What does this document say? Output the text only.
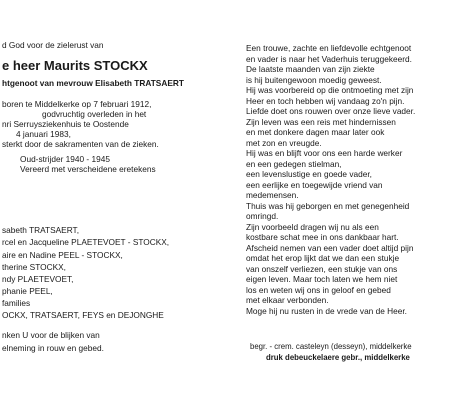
d God voor de zielerust van
e heer Maurits STOCKX
htgenoot van mevrouw Elisabeth TRATSAERT
boren te Middelkerke op 7 februari 1912,
godvruchtig overleden in het
nri Serruysziekenhuis te Oostende
4 januari 1983,
sterkt door de sakramenten van de zieken.
Oud-strijder 1940 - 1945
Vereerd met verscheidene eretekens
sabeth TRATSAERT,
rcel en Jacqueline PLAETEVOET - STOCKX,
aire en Nadine PEEL - STOCKX,
therine STOCKX,
ndy PLAETEVOET,
phanie PEEL,
families
OCKX, TRATSAERT, FEYS en DEJONGHE
nken U voor de blijken van
elneming in rouw en gebed.
Een trouwe, zachte en liefdevolle echtgenoot
en vader is naar het Vaderhuis teruggekeerd.
De laatste maanden van zijn ziekte
is hij buitengewoon moedig geweest.
Hij was voorbereid op die ontmoeting met zijn
Heer en toch hebben wij vandaag zo'n pijn.
Liefde doet ons rouwen over onze lieve vader.
Zijn leven was een reis met hindernissen
en met donkere dagen maar later ook
met zon en vreugde.
Hij was en blijft voor ons een harde werker
en een gedegen stielman,
een levenslustige en goede vader,
een eerlijke en toegewijde vriend van
medemensen.
Thuis was hij geborgen en met genegenheid
omringd.
Zijn voorbeeld dragen wij nu als een
kostbare schat mee in ons dankbaar hart.
Afscheid nemen van een vader doet altijd pijn
omdat het erop lijkt dat we dan een stukje
van onszelf verliezen, een stukje van ons
eigen leven. Maar toch laten we hem niet
los en weten wij ons in geloof en gebed
met elkaar verbonden.
Moge hij nu rusten in de vrede van de Heer.
begr. - crem. casteleyn (desseyn), middelkerke
druk debeuckelaere gebr., middelkerke
